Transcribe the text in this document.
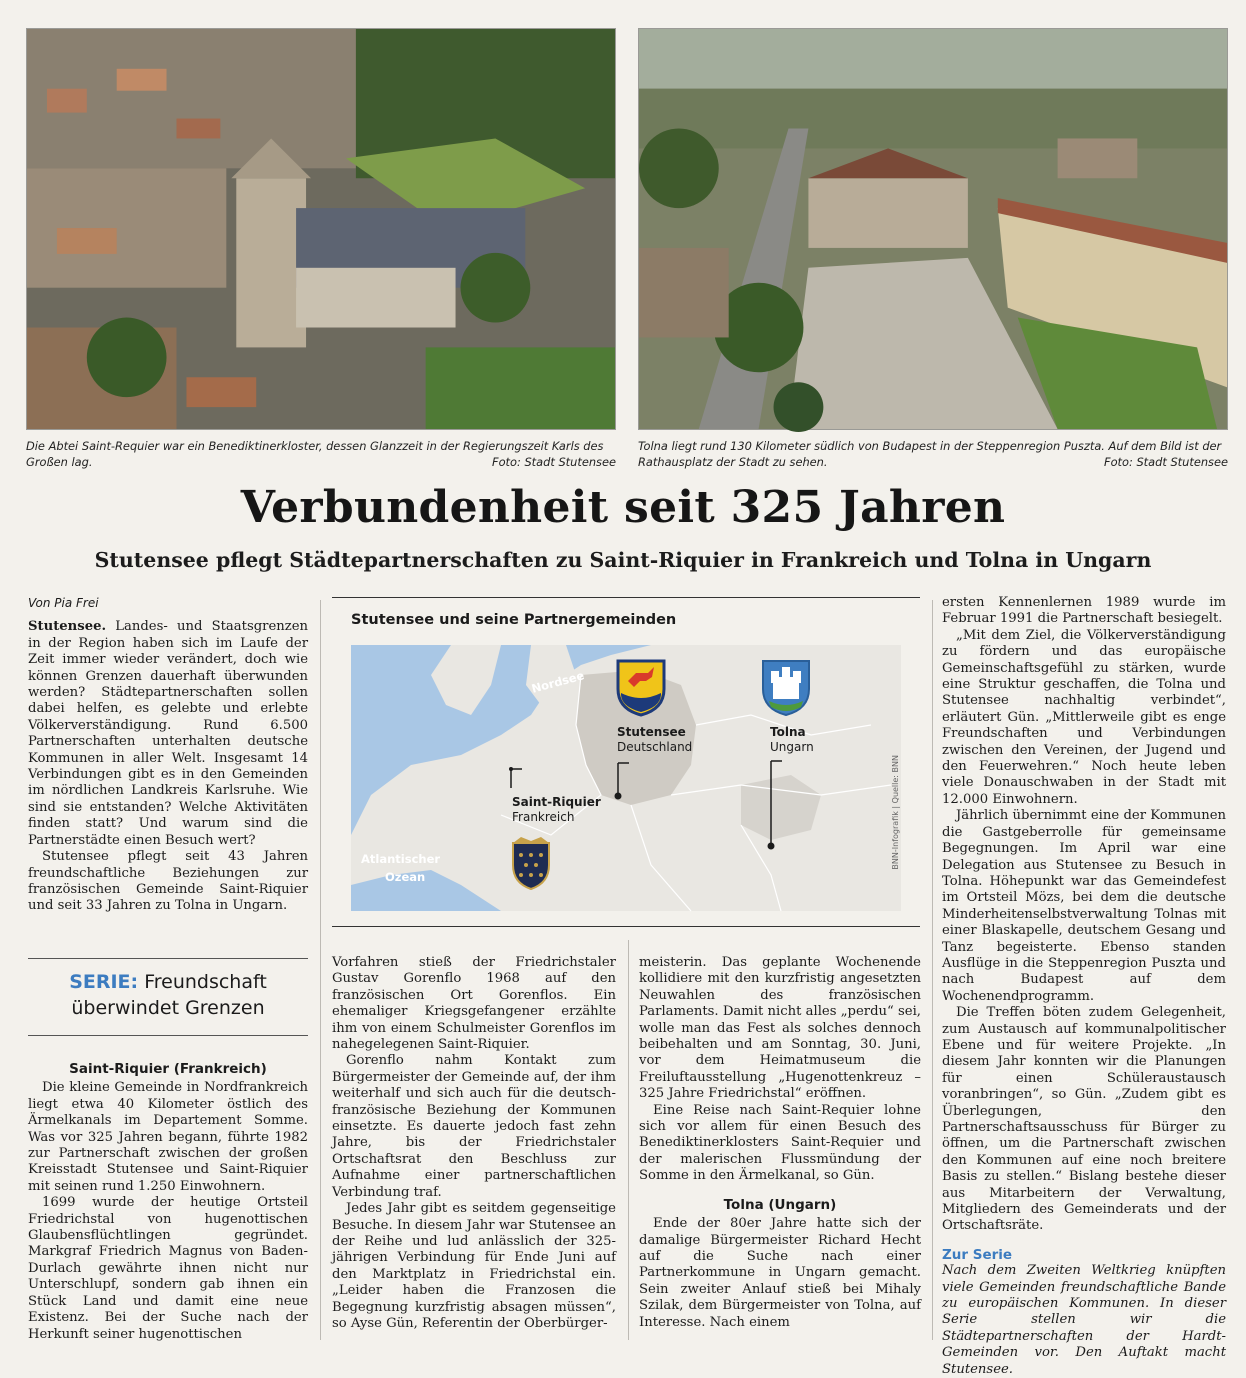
Die Abtei Saint-Requier war ein Benediktinerkloster, dessen Glanzzeit in der Regierungszeit Karls des Großen lag.	Foto: Stadt Stutensee
Tolna liegt rund 130 Kilometer südlich von Budapest in der Steppenregion Puszta. Auf dem Bild ist der Rathausplatz der Stadt zu sehen.	Foto: Stadt Stutensee
Verbundenheit seit 325 Jahren
Stutensee pflegt Städtepartnerschaften zu Saint-Riquier in Frankreich und Tolna in Ungarn
Von Pia Frei

Stutensee. Landes- und Staatsgrenzen in der Region haben sich im Laufe der Zeit immer wieder verändert, doch wie können Grenzen dauerhaft überwunden werden? Städtepartnerschaften sollen dabei helfen, es gelebte und erlebte Völkerverständigung. Rund 6.500 Partnerschaften unterhalten deutsche Kommunen in aller Welt. Insgesamt 14 Verbindungen gibt es in den Gemeinden im nördlichen Landkreis Karlsruhe. Wie sind sie entstanden? Welche Aktivitäten finden statt? Und warum sind die Partnerstädte einen Besuch wert?

Stutensee pflegt seit 43 Jahren freundschaftliche Beziehungen zur französischen Gemeinde Saint-Riquier und seit 33 Jahren zu Tolna in Ungarn.

Stutensee und seine Partnergemeinden
Nordsee
Atlantischer
Ozean
Stutensee
Deutschland
Tolna
Ungarn
Saint-Riquier
Frankreich	BNN-Infografik | Quelle: BNN
SERIE: Freundschaft
überwindet Grenzen
Saint-Riquier (Frankreich)

Die kleine Gemeinde in Nordfrankreich liegt etwa 40 Kilometer östlich des Ärmelkanals im Departement Somme. Was vor 325 Jahren begann, führte 1982 zur Partnerschaft zwischen der großen Kreisstadt Stutensee und Saint-Riquier mit seinen rund 1.250 Einwohnern.

1699 wurde der heutige Ortsteil Friedrichstal von hugenottischen Glaubensflüchtlingen gegründet. Markgraf Friedrich Magnus von Baden-Durlach gewährte ihnen nicht nur Unterschlupf, sondern gab ihnen ein Stück Land und damit eine neue Existenz. Bei der Suche nach der Herkunft seiner hugenottischen

Vorfahren stieß der Friedrichstaler Gustav Gorenflo 1968 auf den französischen Ort Gorenflos. Ein ehemaliger Kriegsgefangener erzählte ihm von einem Schulmeister Gorenflos im nahegelegenen Saint-Riquier.

Gorenflo nahm Kontakt zum Bürgermeister der Gemeinde auf, der ihm weiterhalf und sich auch für die deutsch-französische Beziehung der Kommunen einsetzte. Es dauerte jedoch fast zehn Jahre, bis der Friedrichstaler Ortschaftsrat den Beschluss zur Aufnahme einer partnerschaftlichen Verbindung traf.

Jedes Jahr gibt es seitdem gegenseitige Besuche. In diesem Jahr war Stutensee an der Reihe und lud anlässlich der 325-jährigen Verbindung für Ende Juni auf den Marktplatz in Friedrichstal ein. „Leider haben die Franzosen die Begegnung kurzfristig absagen müssen“, so Ayse Gün, Referentin der Oberbürger-

meisterin. Das geplante Wochenende kollidiere mit den kurzfristig angesetzten Neuwahlen des französischen Parlaments. Damit nicht alles „perdu“ sei, wolle man das Fest als solches dennoch beibehalten und am Sonntag, 30. Juni, vor dem Heimatmuseum die Freiluftausstellung „Hugenottenkreuz – 325 Jahre Friedrichstal“ eröffnen.

Eine Reise nach Saint-Requier lohne sich vor allem für einen Besuch des Benediktinerklosters Saint-Requier und der malerischen Flussmündung der Somme in den Ärmelkanal, so Gün.

Tolna (Ungarn)

Ende der 80er Jahre hatte sich der damalige Bürgermeister Richard Hecht auf die Suche nach einer Partnerkommune in Ungarn gemacht. Sein zweiter Anlauf stieß bei Mihaly Szilak, dem Bürgermeister von Tolna, auf Interesse. Nach einem

ersten Kennenlernen 1989 wurde im Februar 1991 die Partnerschaft besiegelt.

„Mit dem Ziel, die Völkerverständigung zu fördern und das europäische Gemeinschaftsgefühl zu stärken, wurde eine Struktur geschaffen, die Tolna und Stutensee nachhaltig verbindet“, erläutert Gün. „Mittlerweile gibt es enge Freundschaften und Verbindungen zwischen den Vereinen, der Jugend und den Feuerwehren.“ Noch heute leben viele Donauschwaben in der Stadt mit 12.000 Einwohnern.

Jährlich übernimmt eine der Kommunen die Gastgeberrolle für gemeinsame Begegnungen. Im April war eine Delegation aus Stutensee zu Besuch in Tolna. Höhepunkt war das Gemeindefest im Ortsteil Mözs, bei dem die deutsche Minderheitenselbstverwaltung Tolnas mit einer Blaskapelle, deutschem Gesang und Tanz begeisterte. Ebenso standen Ausflüge in die Steppenregion Puszta und nach Budapest auf dem Wochenendprogramm.

Die Treffen böten zudem Gelegenheit, zum Austausch auf kommunalpolitischer Ebene und für weitere Projekte. „In diesem Jahr konnten wir die Planungen für einen Schüleraustausch voranbringen“, so Gün. „Zudem gibt es Überlegungen, den Partnerschaftsausschuss für Bürger zu öffnen, um die Partnerschaft zwischen den Kommunen auf eine noch breitere Basis zu stellen.“ Bislang bestehe dieser aus Mitarbeitern der Verwaltung, Mitgliedern des Gemeinderats und der Ortschaftsräte.

Zur Serie

Nach dem Zweiten Weltkrieg knüpften viele Gemeinden freundschaftliche Bande zu europäischen Kommunen. In dieser Serie stellen wir die Städtepartnerschaften der Hardt-Gemeinden vor. Den Auftakt macht Stutensee.
